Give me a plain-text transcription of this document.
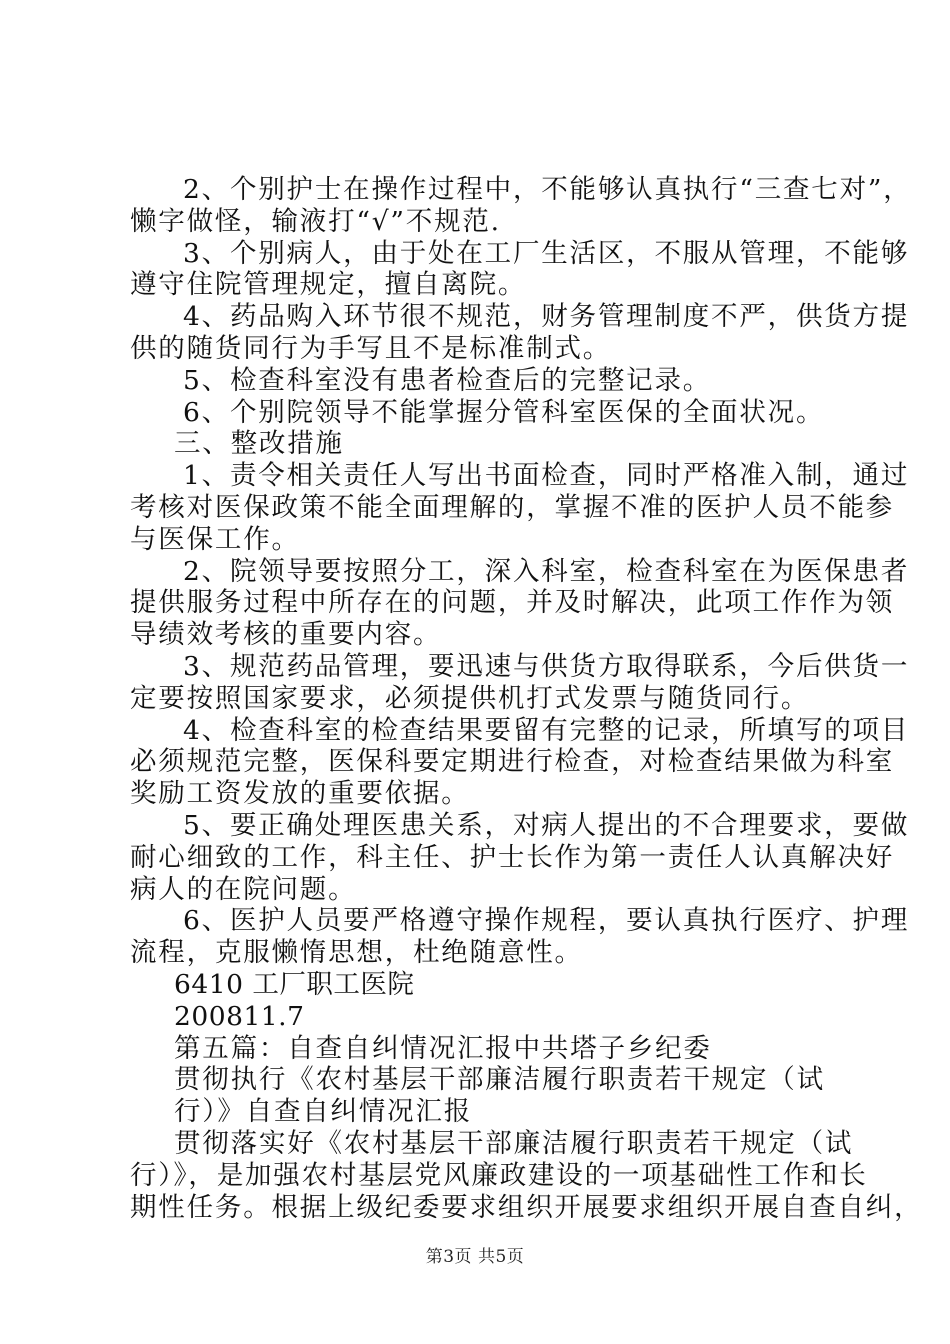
2、个别护士在操作过程中，不能够认真执行“三查七对”，
懒字做怪，输液打“√”不规范.
3、个别病人，由于处在工厂生活区，不服从管理，不能够
遵守住院管理规定，擅自离院。
4、药品购入环节很不规范，财务管理制度不严，供货方提
供的随货同行为手写且不是标准制式。
5、检查科室没有患者检查后的完整记录。
6、个别院领导不能掌握分管科室医保的全面状况。
三、整改措施
1、责令相关责任人写出书面检查，同时严格准入制，通过
考核对医保政策不能全面理解的，掌握不准的医护人员不能参
与医保工作。
2、院领导要按照分工，深入科室，检查科室在为医保患者
提供服务过程中所存在的问题，并及时解决，此项工作作为领
导绩效考核的重要内容。
3、规范药品管理，要迅速与供货方取得联系，今后供货一
定要按照国家要求，必须提供机打式发票与随货同行。
4、检查科室的检查结果要留有完整的记录，所填写的项目
必须规范完整，医保科要定期进行检查，对检查结果做为科室
奖励工资发放的重要依据。
5、要正确处理医患关系，对病人提出的不合理要求，要做
耐心细致的工作，科主任、护士长作为第一责任人认真解决好
病人的在院问题。
6、医护人员要严格遵守操作规程，要认真执行医疗、护理
流程，克服懒惰思想，杜绝随意性。
6410 工厂职工医院
200811.7
第五篇：自查自纠情况汇报中共塔子乡纪委
贯彻执行《农村基层干部廉洁履行职责若干规定（试
行）》自查自纠情况汇报
贯彻落实好《农村基层干部廉洁履行职责若干规定（试
行）》，是加强农村基层党风廉政建设的一项基础性工作和长
期性任务。根据上级纪委要求组织开展要求组织开展自查自纠，
第3页 共5页
